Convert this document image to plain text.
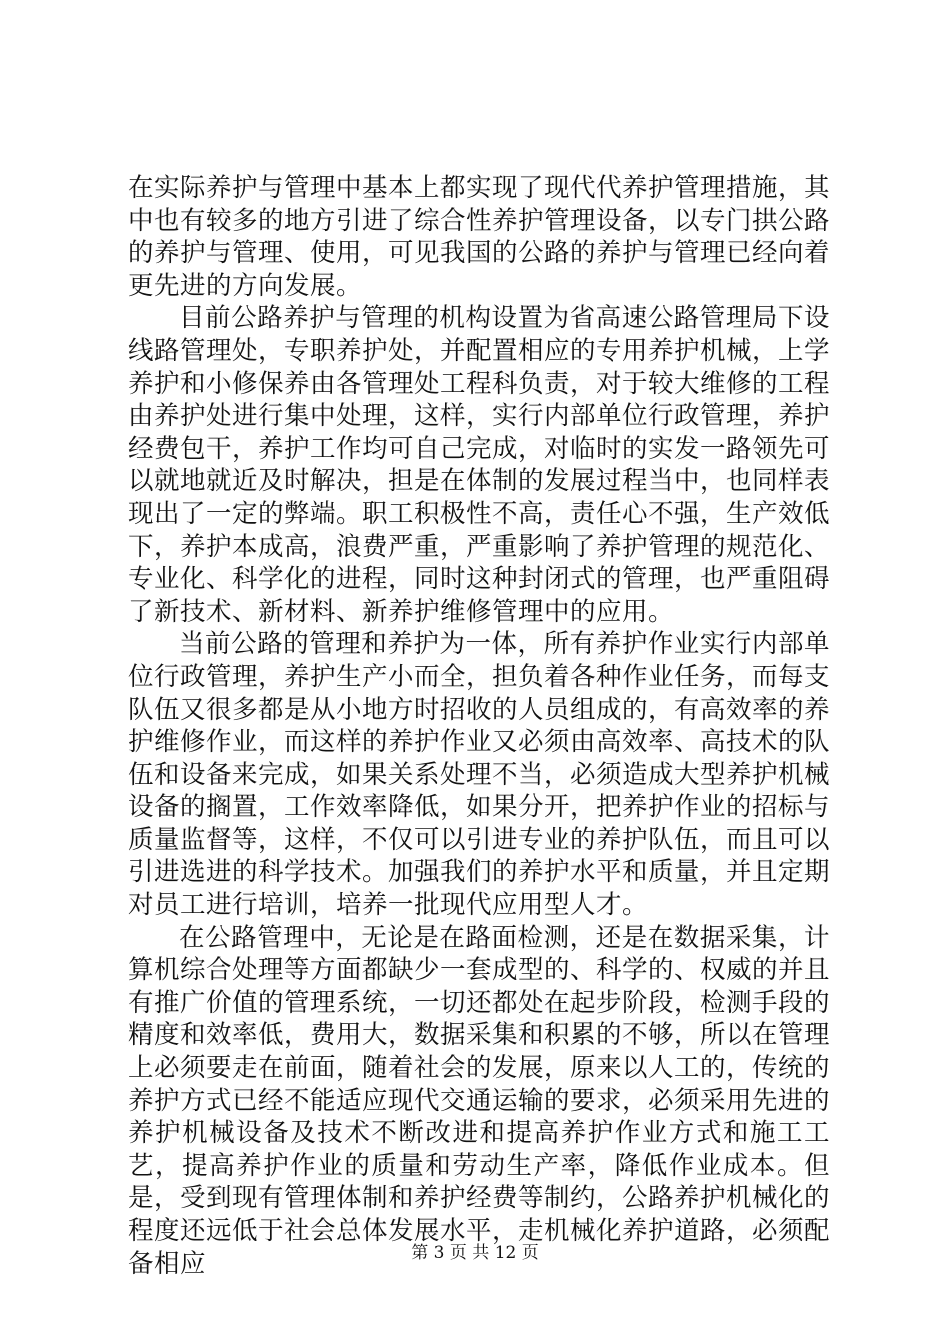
在实际养护与管理中基本上都实现了现代代养护管理措施，其中也有较多的地方引进了综合性养护管理设备，以专门拱公路的养护与管理、使用，可见我国的公路的养护与管理已经向着更先进的方向发展。

目前公路养护与管理的机构设置为省高速公路管理局下设线路管理处，专职养护处，并配置相应的专用养护机械，上学养护和小修保养由各管理处工程科负责，对于较大维修的工程由养护处进行集中处理，这样，实行内部单位行政管理，养护经费包干，养护工作均可自己完成，对临时的实发一路领先可以就地就近及时解决，担是在体制的发展过程当中，也同样表现出了一定的弊端。职工积极性不高，责任心不强，生产效低下，养护本成高，浪费严重，严重影响了养护管理的规范化、专业化、科学化的进程，同时这种封闭式的管理，也严重阻碍了新技术、新材料、新养护维修管理中的应用。

当前公路的管理和养护为一体，所有养护作业实行内部单位行政管理，养护生产小而全，担负着各种作业任务，而每支队伍又很多都是从小地方时招收的人员组成的，有高效率的养护维修作业，而这样的养护作业又必须由高效率、高技术的队伍和设备来完成，如果关系处理不当，必须造成大型养护机械设备的搁置，工作效率降低，如果分开，把养护作业的招标与质量监督等，这样，不仅可以引进专业的养护队伍，而且可以引进选进的科学技术。加强我们的养护水平和质量，并且定期对员工进行培训，培养一批现代应用型人才。

在公路管理中，无论是在路面检测，还是在数据采集，计算机综合处理等方面都缺少一套成型的、科学的、权威的并且有推广价值的管理系统，一切还都处在起步阶段，检测手段的精度和效率低，费用大，数据采集和积累的不够，所以在管理上必须要走在前面，随着社会的发展，原来以人工的，传统的养护方式已经不能适应现代交通运输的要求，必须采用先进的养护机械设备及技术不断改进和提高养护作业方式和施工工艺，提高养护作业的质量和劳动生产率，降低作业成本。但是，受到现有管理体制和养护经费等制约，公路养护机械化的程度还远低于社会总体发展水平，走机械化养护道路，必须配备相应	第 3 页 共 12 页
